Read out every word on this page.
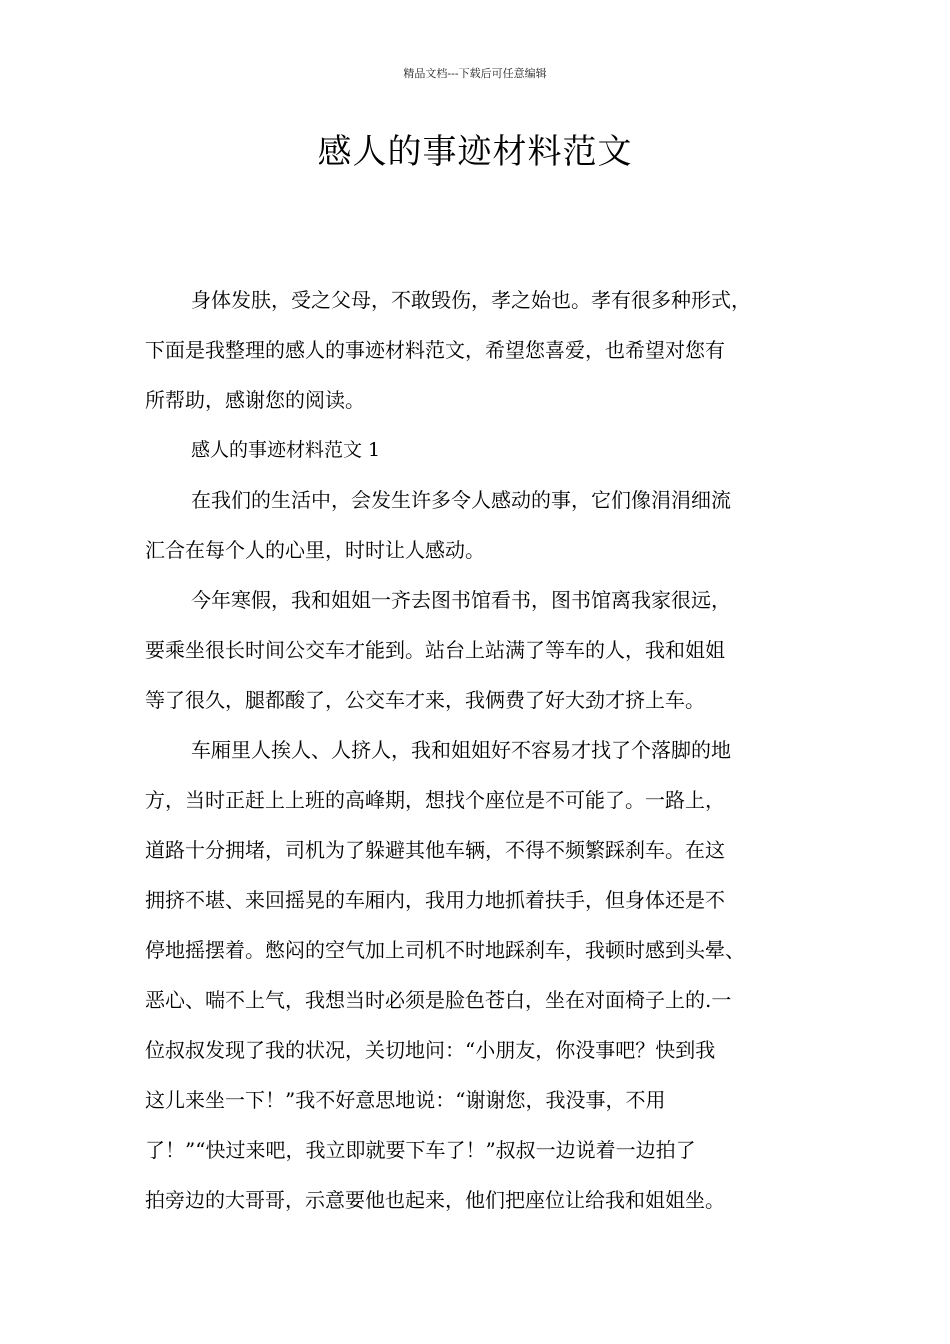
精品文档---下载后可任意编辑
感人的事迹材料范文
身体发肤，受之父母，不敢毁伤，孝之始也。孝有很多种形式，
下面是我整理的感人的事迹材料范文，希望您喜爱，也希望对您有
所帮助，感谢您的阅读。
感人的事迹材料范文 1
在我们的生活中，会发生许多令人感动的事，它们像涓涓细流
汇合在每个人的心里，时时让人感动。
今年寒假，我和姐姐一齐去图书馆看书，图书馆离我家很远，
要乘坐很长时间公交车才能到。站台上站满了等车的人，我和姐姐
等了很久，腿都酸了，公交车才来，我俩费了好大劲才挤上车。
车厢里人挨人、人挤人，我和姐姐好不容易才找了个落脚的地
方，当时正赶上上班的高峰期，想找个座位是不可能了。一路上，
道路十分拥堵，司机为了躲避其他车辆，不得不频繁踩刹车。在这
拥挤不堪、来回摇晃的车厢内，我用力地抓着扶手，但身体还是不
停地摇摆着。憋闷的空气加上司机不时地踩刹车，我顿时感到头晕、
恶心、喘不上气，我想当时必须是脸色苍白，坐在对面椅子上的.一
位叔叔发现了我的状况，关切地问：“小朋友，你没事吧？快到我
这儿来坐一下！”我不好意思地说：“谢谢您，我没事，不用
了！”“快过来吧，我立即就要下车了！”叔叔一边说着一边拍了
拍旁边的大哥哥，示意要他也起来，他们把座位让给我和姐姐坐。
